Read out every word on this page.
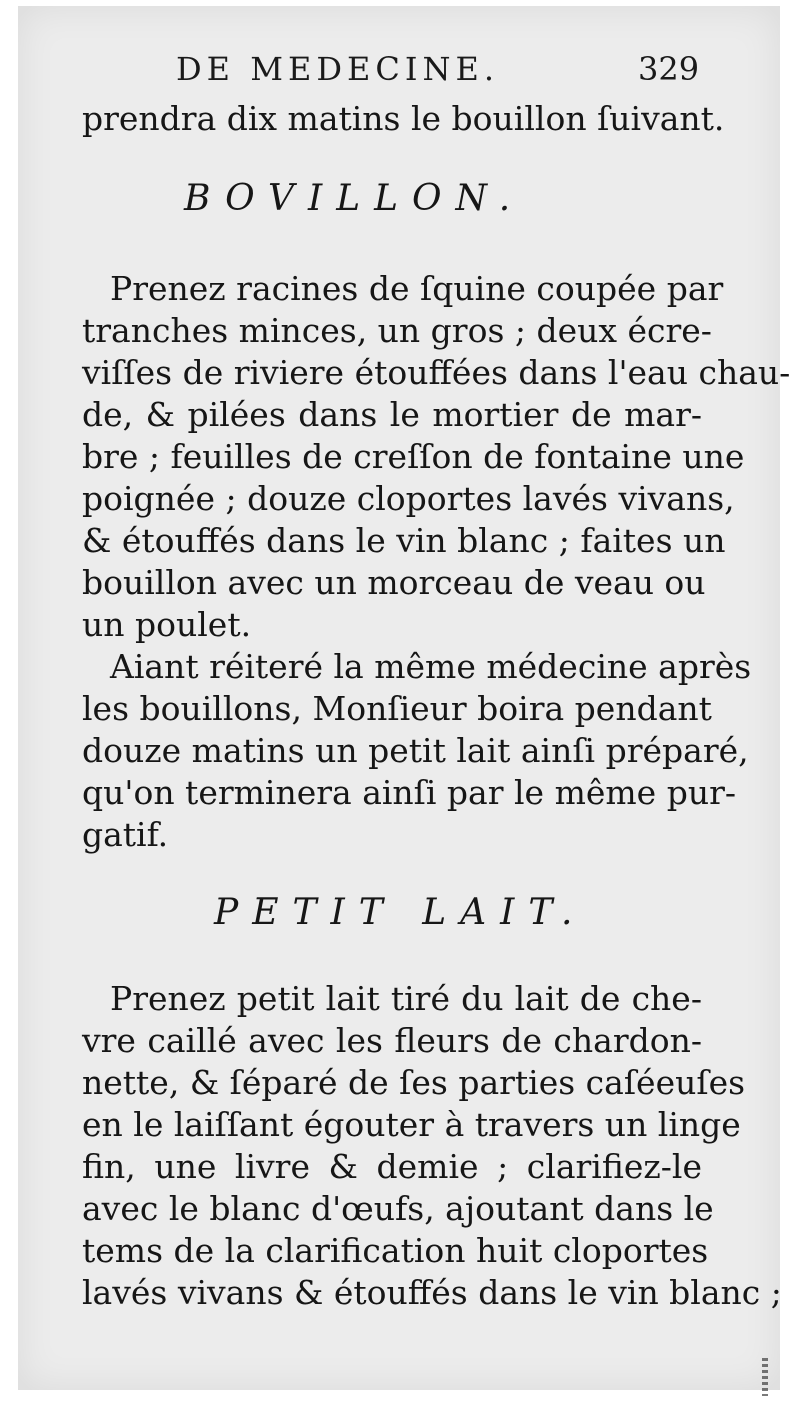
DE MEDECINE.	329
prendra dix matins le bouillon ſuivant.
BOVILLON.
Prenez racines de ſquine coupée par
tranches minces, un gros ; deux écre-
viſſes de riviere étouffées dans l'eau chau-
de, & pilées dans le mortier de mar-
bre ; feuilles de creſſon de fontaine une
poignée ; douze cloportes lavés vivans,
& étouffés dans le vin blanc ; faites un
bouillon avec un morceau de veau ou
un poulet.
Aiant réiteré la même médecine après
les bouillons, Monſieur boira pendant
douze matins un petit lait ainſi préparé,
qu'on terminera ainſi par le même pur-
gatif.
PETIT LAIT.
Prenez petit lait tiré du lait de che-
vre caillé avec les fleurs de chardon-
nette, & ſéparé de ſes parties caſéeuſes
en le laiſſant égouter à travers un linge
fin, une livre & demie ; clarifiez-le
avec le blanc d'œufs, ajoutant dans le
tems de la clarification huit cloportes
lavés vivans & étouffés dans le vin blanc ;
